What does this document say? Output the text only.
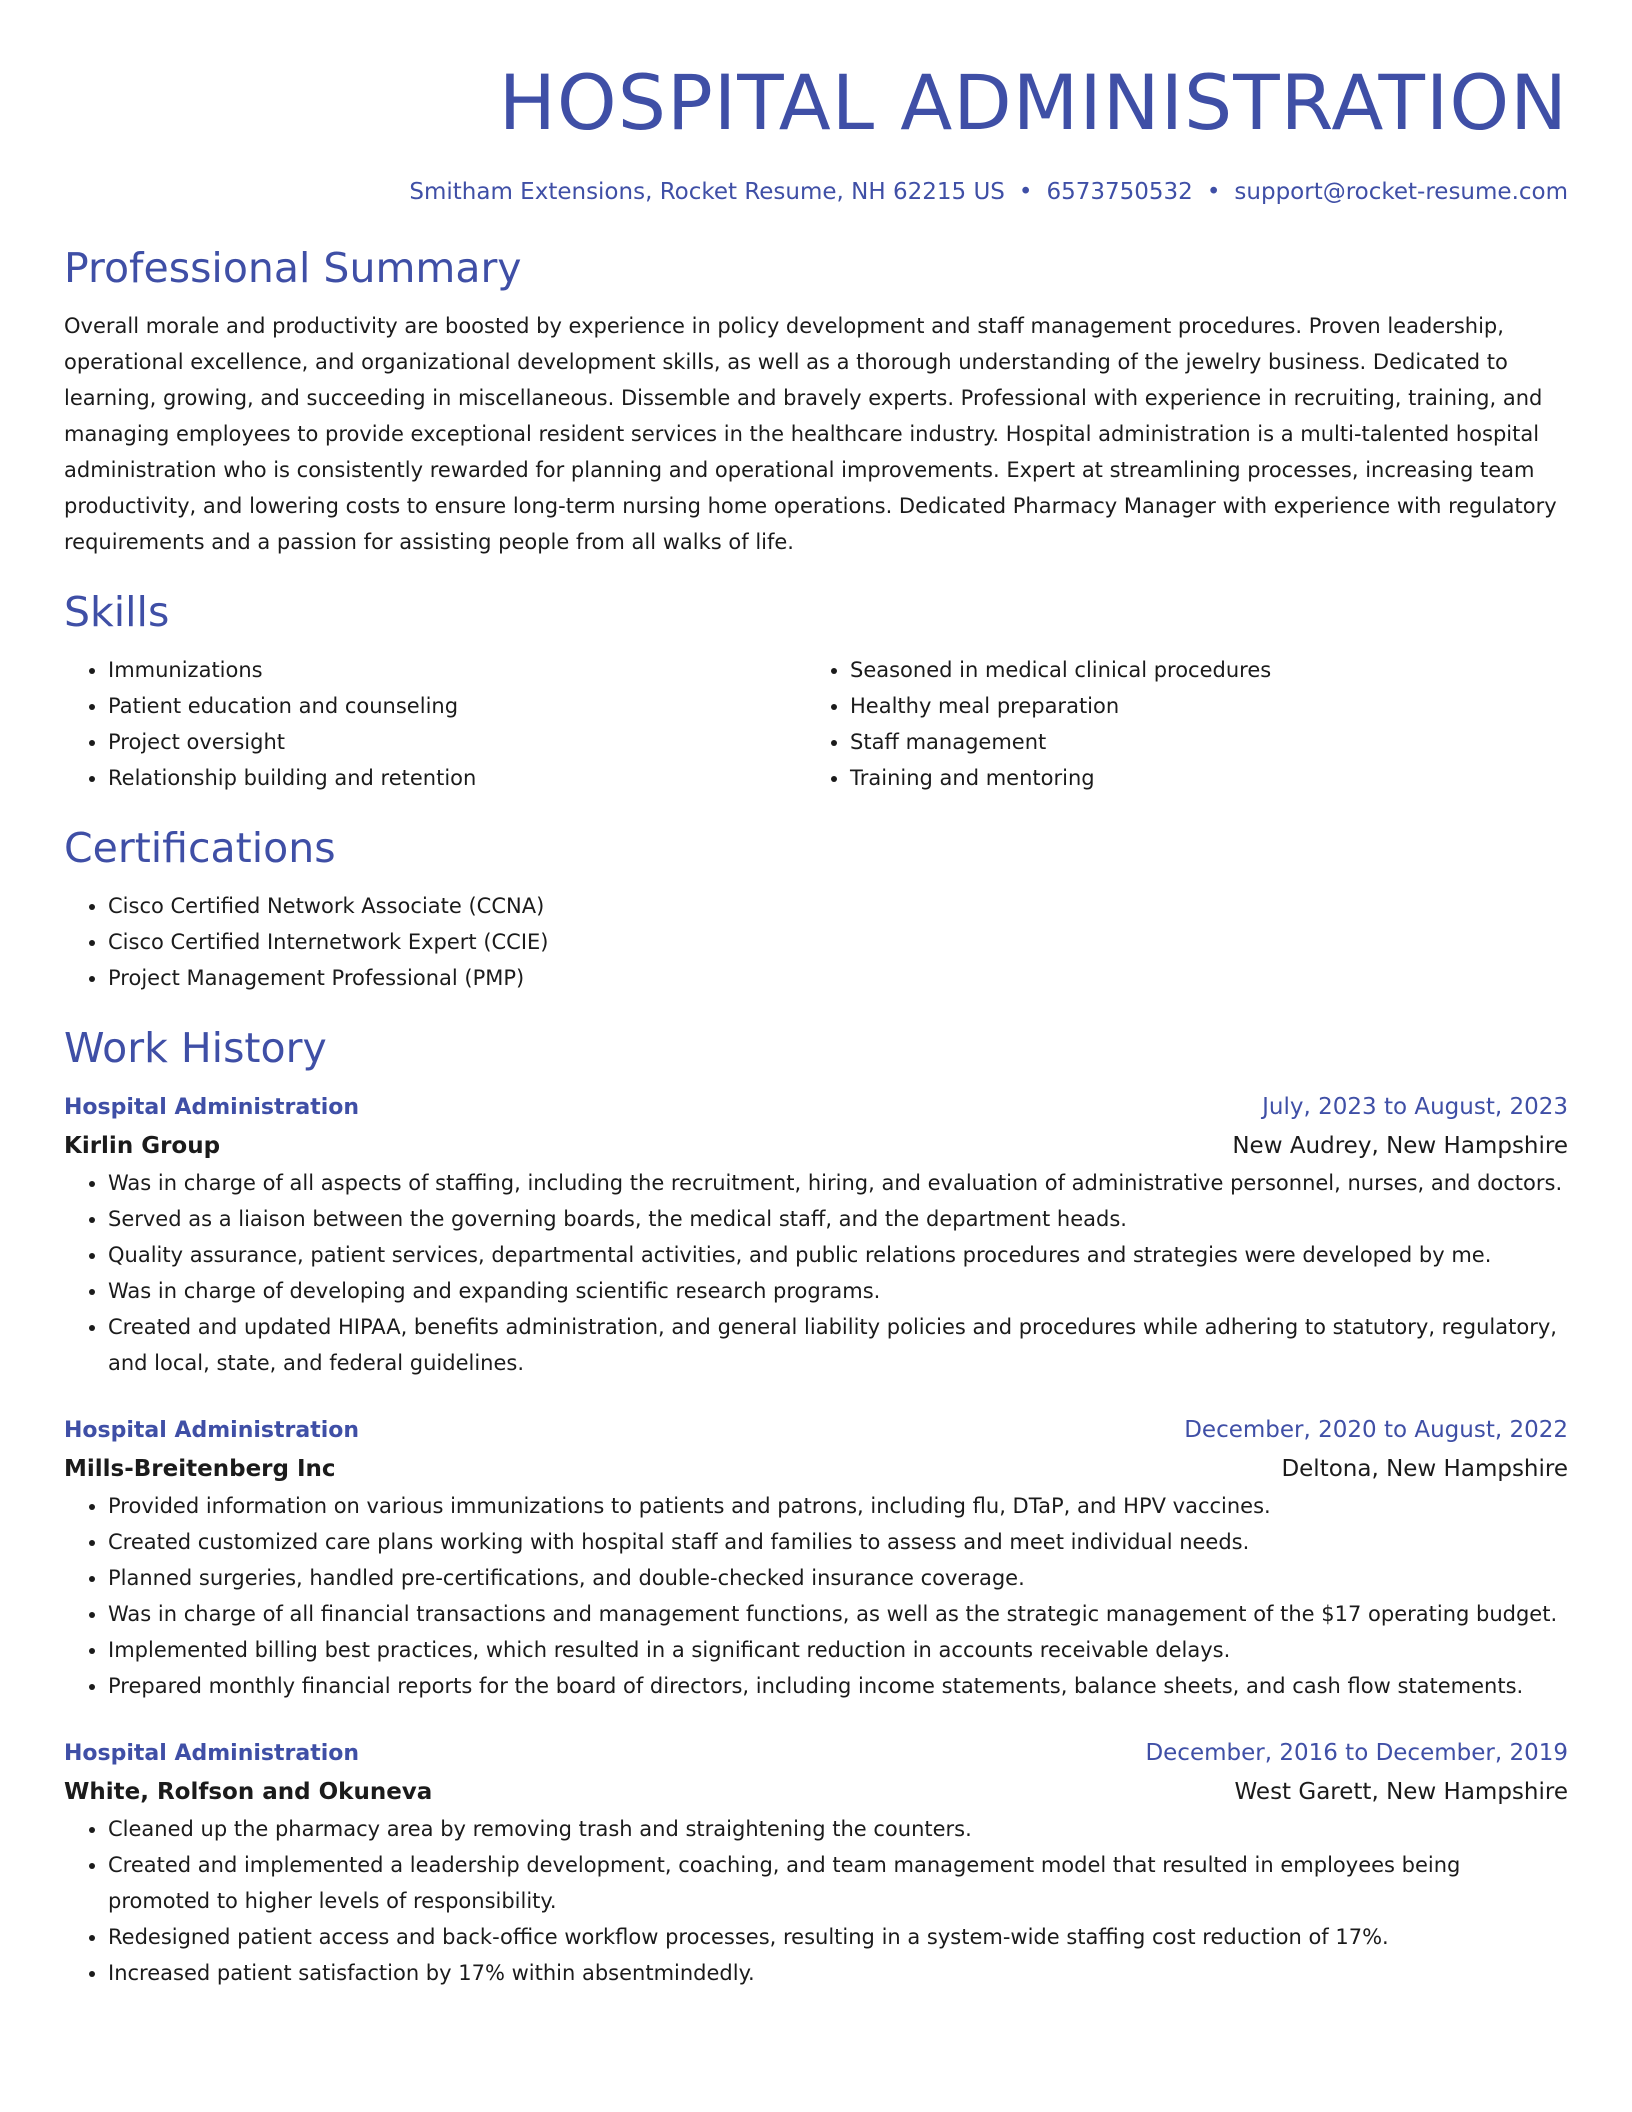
HOSPITAL ADMINISTRATION
Smitham Extensions, Rocket Resume, NH 62215 US • 6573750532 • support@rocket-resume.com
Professional Summary

Overall morale and productivity are boosted by experience in policy development and staff management procedures. Proven leadership, operational excellence, and organizational development skills, as well as a thorough understanding of the jewelry business. Dedicated to learning, growing, and succeeding in miscellaneous. Dissemble and bravely experts. Professional with experience in recruiting, training, and managing employees to provide exceptional resident services in the healthcare industry. Hospital administration is a multi-talented hospital administration who is consistently rewarded for planning and operational improvements. Expert at streamlining processes, increasing team productivity, and lowering costs to ensure long-term nursing home operations. Dedicated Pharmacy Manager with experience with regulatory requirements and a passion for assisting people from all walks of life.

Skills
• Immunizations
• Patient education and counseling
• Project oversight
• Relationship building and retention
• Seasoned in medical clinical procedures
• Healthy meal preparation
• Staff management
• Training and mentoring
Certifications
• Cisco Certified Network Associate (CCNA)
• Cisco Certified Internetwork Expert (CCIE)
• Project Management Professional (PMP)
Work History
Hospital Administration	July, 2023 to August, 2023
Kirlin Group	New Audrey, New Hampshire
• Was in charge of all aspects of staffing, including the recruitment, hiring, and evaluation of administrative personnel, nurses, and doctors.
• Served as a liaison between the governing boards, the medical staff, and the department heads.
• Quality assurance, patient services, departmental activities, and public relations procedures and strategies were developed by me.
• Was in charge of developing and expanding scientific research programs.
• Created and updated HIPAA, benefits administration, and general liability policies and procedures while adhering to statutory, regulatory, and local, state, and federal guidelines.
Hospital Administration	December, 2020 to August, 2022
Mills-Breitenberg Inc	Deltona, New Hampshire
• Provided information on various immunizations to patients and patrons, including flu, DTaP, and HPV vaccines.
• Created customized care plans working with hospital staff and families to assess and meet individual needs.
• Planned surgeries, handled pre-certifications, and double-checked insurance coverage.
• Was in charge of all financial transactions and management functions, as well as the strategic management of the $17 operating budget.
• Implemented billing best practices, which resulted in a significant reduction in accounts receivable delays.
• Prepared monthly financial reports for the board of directors, including income statements, balance sheets, and cash flow statements.
Hospital Administration	December, 2016 to December, 2019
White, Rolfson and Okuneva	West Garett, New Hampshire
• Cleaned up the pharmacy area by removing trash and straightening the counters.
• Created and implemented a leadership development, coaching, and team management model that resulted in employees being promoted to higher levels of responsibility.
• Redesigned patient access and back-office workflow processes, resulting in a system-wide staffing cost reduction of 17%.
• Increased patient satisfaction by 17% within absentmindedly.
